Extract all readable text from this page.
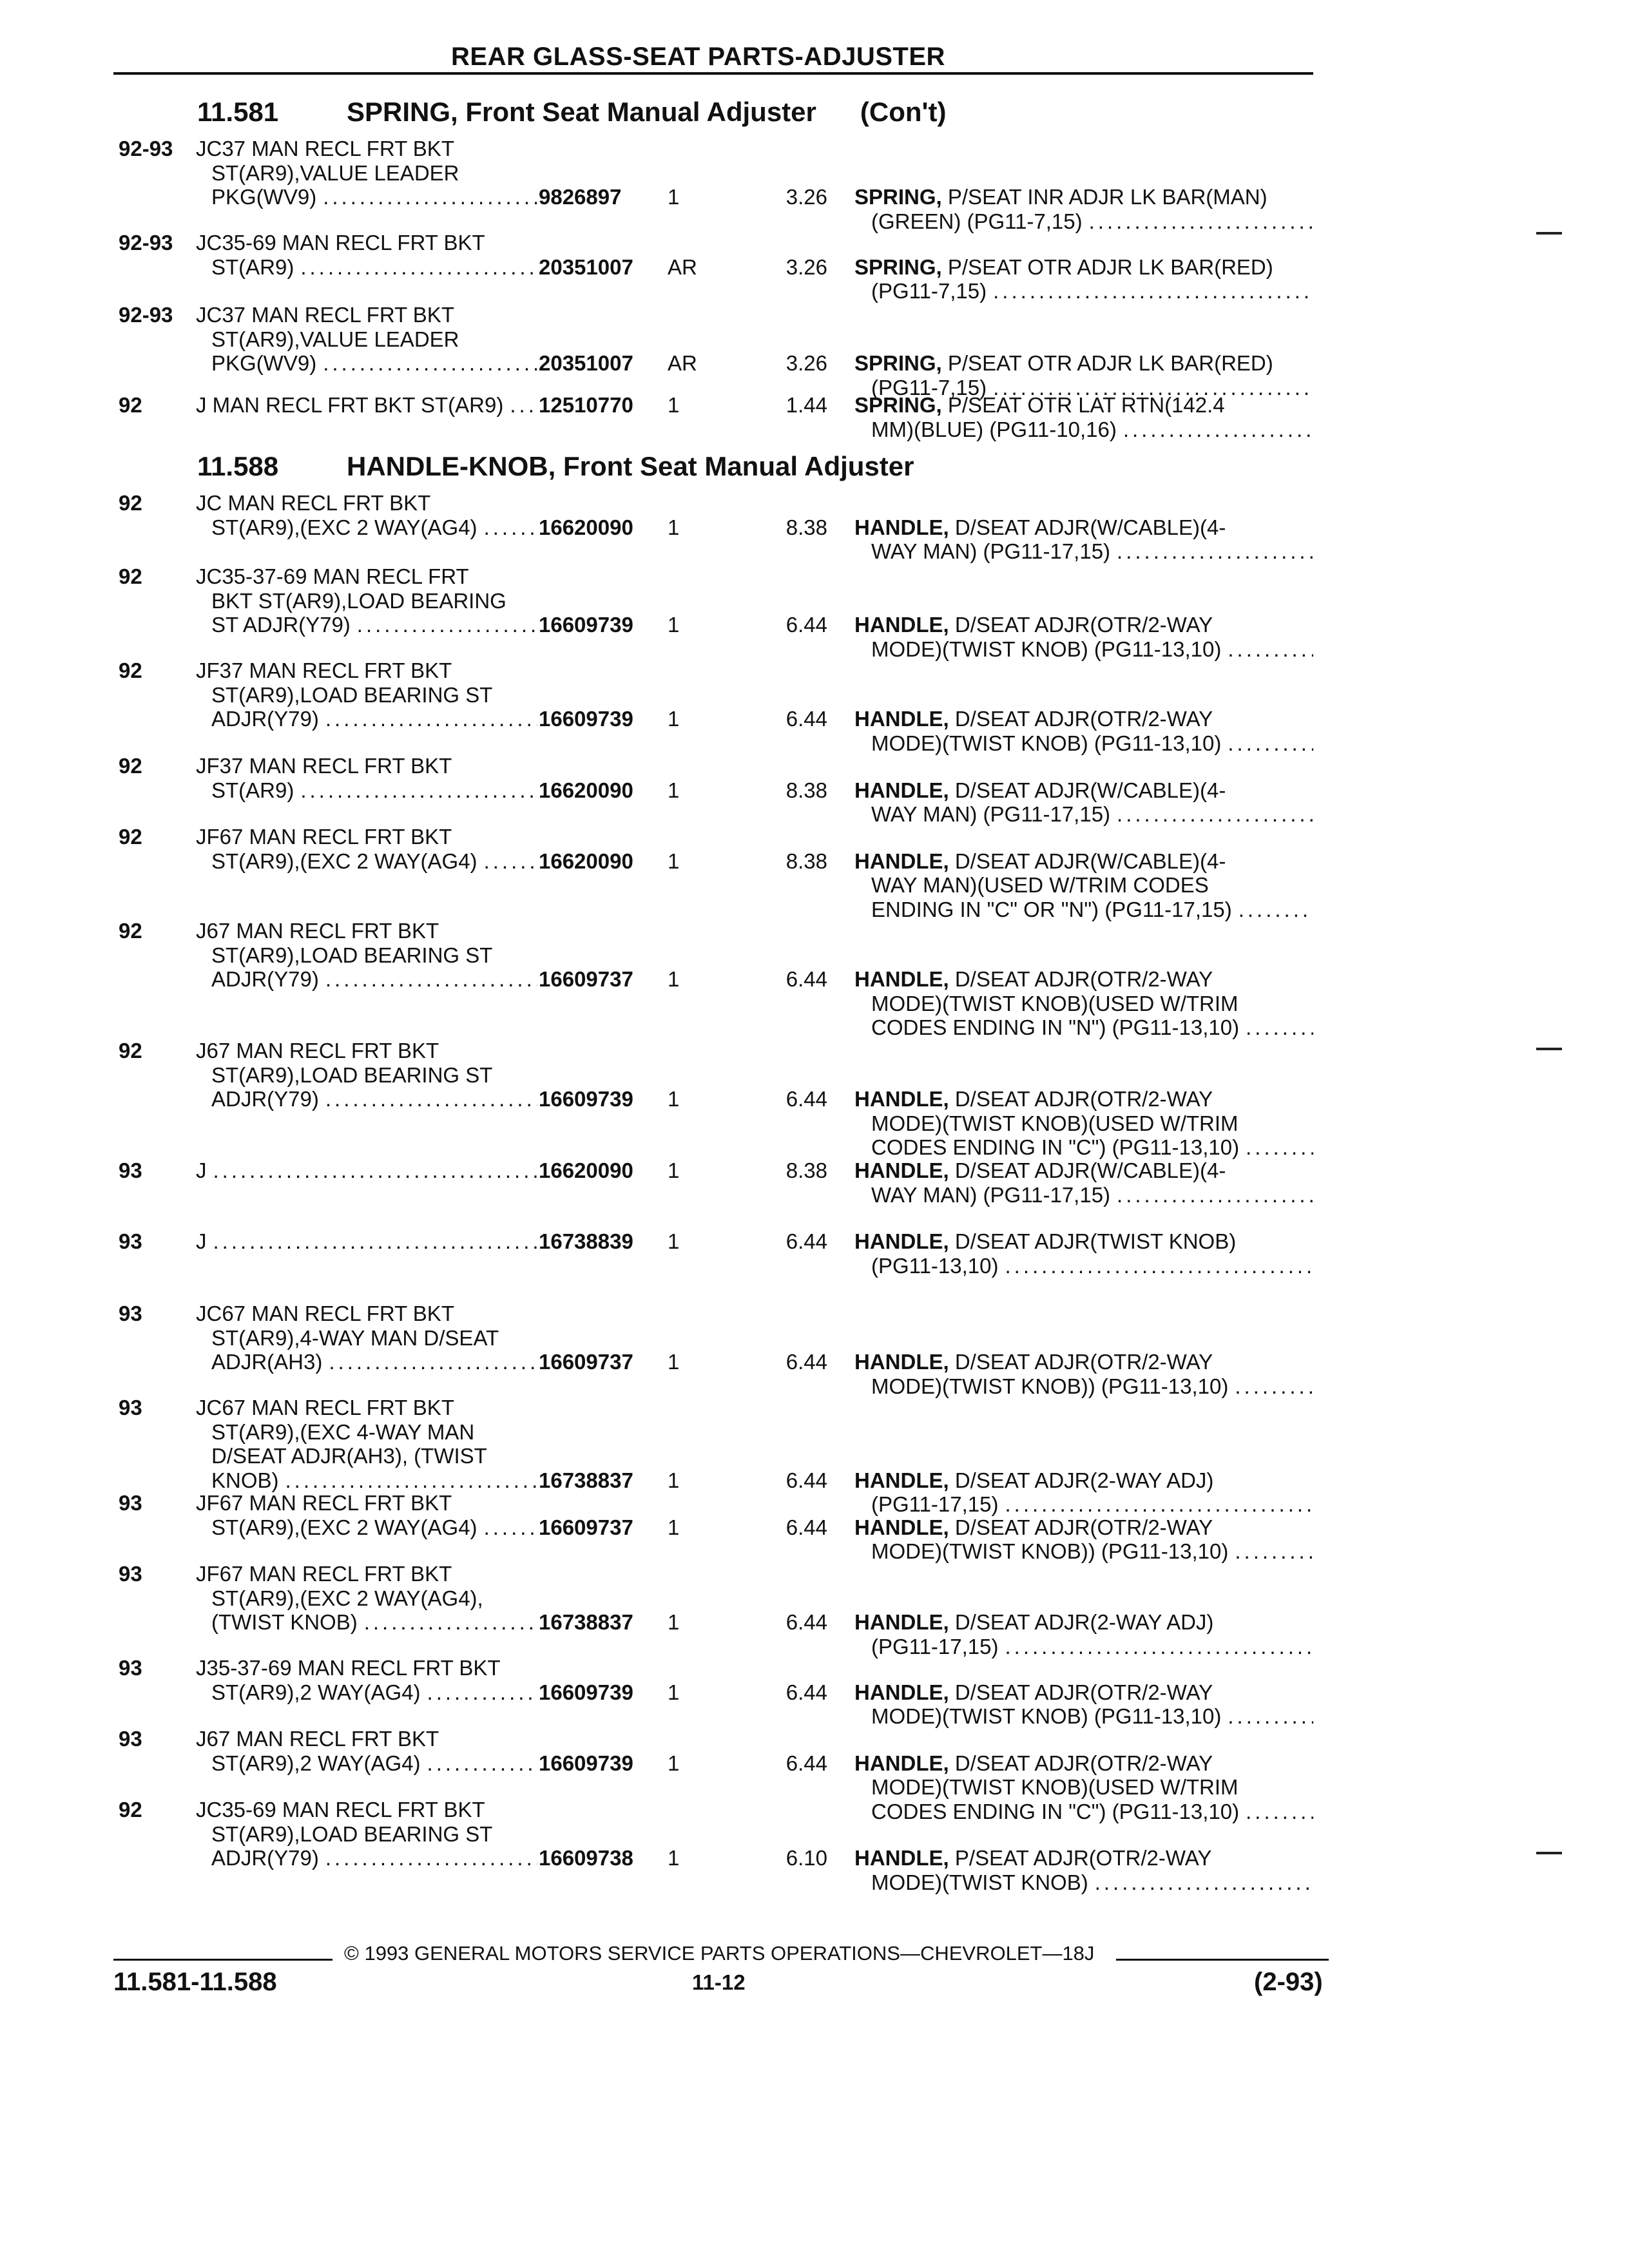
REAR GLASS-SEAT PARTS-ADJUSTER
11.581	SPRING, Front Seat Manual Adjuster (Con't)
11.588	HANDLE-KNOB, Front Seat Manual Adjuster
92-93	JC37 MAN RECL FRT BKT
ST(AR9),VALUE LEADER
PKG(WV9) .....	9826897	1	3.26 SPRING, P/SEAT INR ADJR LK BAR(MAN)
(GREEN) (PG11-7,15)
.....
92-93	JC35-69 MAN RECL FRT BKT
ST(AR9) .....	20351007	AR	3.26 SPRING, P/SEAT OTR ADJR LK BAR(RED)
(PG11-7,15)
.....
92-93	JC37 MAN RECL FRT BKT
ST(AR9),VALUE LEADER
PKG(WV9) .....	20351007	AR	3.26 SPRING, P/SEAT OTR ADJR LK BAR(RED)
(PG11-7,15)
.....
92	J MAN RECL FRT BKT ST(AR9) ..... 12510770	1	1.44 SPRING, P/SEAT OTR LAT RTN(142.4
MM)(BLUE) (PG11-10,16)
.....
92	JC MAN RECL FRT BKT
ST(AR9),(EXC 2 WAY(AG4) .....	16620090	1	8.38 HANDLE, D/SEAT ADJR(W/CABLE)(4-
WAY MAN) (PG11-17,15)
.....
92	JC35-37-69 MAN RECL FRT
BKT ST(AR9),LOAD BEARING
ST ADJR(Y79) .....	16609739	1	6.44 HANDLE, D/SEAT ADJR(OTR/2-WAY
MODE)(TWIST KNOB) (PG11-13,10)
.....
92	JF37 MAN RECL FRT BKT
ST(AR9),LOAD BEARING ST
ADJR(Y79) .....	16609739	1	6.44 HANDLE, D/SEAT ADJR(OTR/2-WAY
MODE)(TWIST KNOB) (PG11-13,10)
.....
92	JF37 MAN RECL FRT BKT
ST(AR9) .....	16620090	1	8.38 HANDLE, D/SEAT ADJR(W/CABLE)(4-
WAY MAN) (PG11-17,15)
.....
92	JF67 MAN RECL FRT BKT
ST(AR9),(EXC 2 WAY(AG4) .....	16620090	1	8.38 HANDLE, D/SEAT ADJR(W/CABLE)(4-
WAY MAN)(USED W/TRIM CODES
ENDING IN "C" OR "N") (PG11-17,15)
.....
92	J67 MAN RECL FRT BKT
ST(AR9),LOAD BEARING ST
ADJR(Y79) .....	16609737	1	6.44 HANDLE, D/SEAT ADJR(OTR/2-WAY
MODE)(TWIST KNOB)(USED W/TRIM
CODES ENDING IN "N") (PG11-13,10)
.....
92	J67 MAN RECL FRT BKT
ST(AR9),LOAD BEARING ST
ADJR(Y79) .....	16609739	1	6.44 HANDLE, D/SEAT ADJR(OTR/2-WAY
MODE)(TWIST KNOB)(USED W/TRIM
CODES ENDING IN "C") (PG11-13,10)
.....
93	J .....	16620090	1	8.38 HANDLE, D/SEAT ADJR(W/CABLE)(4-
WAY MAN) (PG11-17,15)
.....
93	J .....	16738839	1	6.44 HANDLE, D/SEAT ADJR(TWIST KNOB)
(PG11-13,10)
.....
93	JC67 MAN RECL FRT BKT
ST(AR9),4-WAY MAN D/SEAT
ADJR(AH3) .....	16609737	1	6.44 HANDLE, D/SEAT ADJR(OTR/2-WAY
MODE)(TWIST KNOB)) (PG11-13,10)
.....
93	JC67 MAN RECL FRT BKT
ST(AR9),(EXC 4-WAY MAN
D/SEAT ADJR(AH3), (TWIST
KNOB) .....	16738837	1	6.44 HANDLE, D/SEAT ADJR(2-WAY ADJ)
(PG11-17,15)
.....
93	JF67 MAN RECL FRT BKT
ST(AR9),(EXC 2 WAY(AG4) .....	16609737	1	6.44 HANDLE, D/SEAT ADJR(OTR/2-WAY
MODE)(TWIST KNOB)) (PG11-13,10)
.....
93	JF67 MAN RECL FRT BKT
ST(AR9),(EXC 2 WAY(AG4),
(TWIST KNOB) .....	16738837	1	6.44 HANDLE, D/SEAT ADJR(2-WAY ADJ)
(PG11-17,15)
.....
93	J35-37-69 MAN RECL FRT BKT
ST(AR9),2 WAY(AG4) .....	16609739	1	6.44 HANDLE, D/SEAT ADJR(OTR/2-WAY
MODE)(TWIST KNOB) (PG11-13,10)
.....
93	J67 MAN RECL FRT BKT
ST(AR9),2 WAY(AG4) .....	16609739	1	6.44 HANDLE, D/SEAT ADJR(OTR/2-WAY
MODE)(TWIST KNOB)(USED W/TRIM
CODES ENDING IN "C") (PG11-13,10)
.....
92	JC35-69 MAN RECL FRT BKT
ST(AR9),LOAD BEARING ST
ADJR(Y79) .....	16609738	1	6.10 HANDLE, P/SEAT ADJR(OTR/2-WAY
MODE)(TWIST KNOB)
.....
© 1993 GENERAL MOTORS SERVICE PARTS OPERATIONS—CHEVROLET—18J
11.581-11.588	11-12	(2-93)
